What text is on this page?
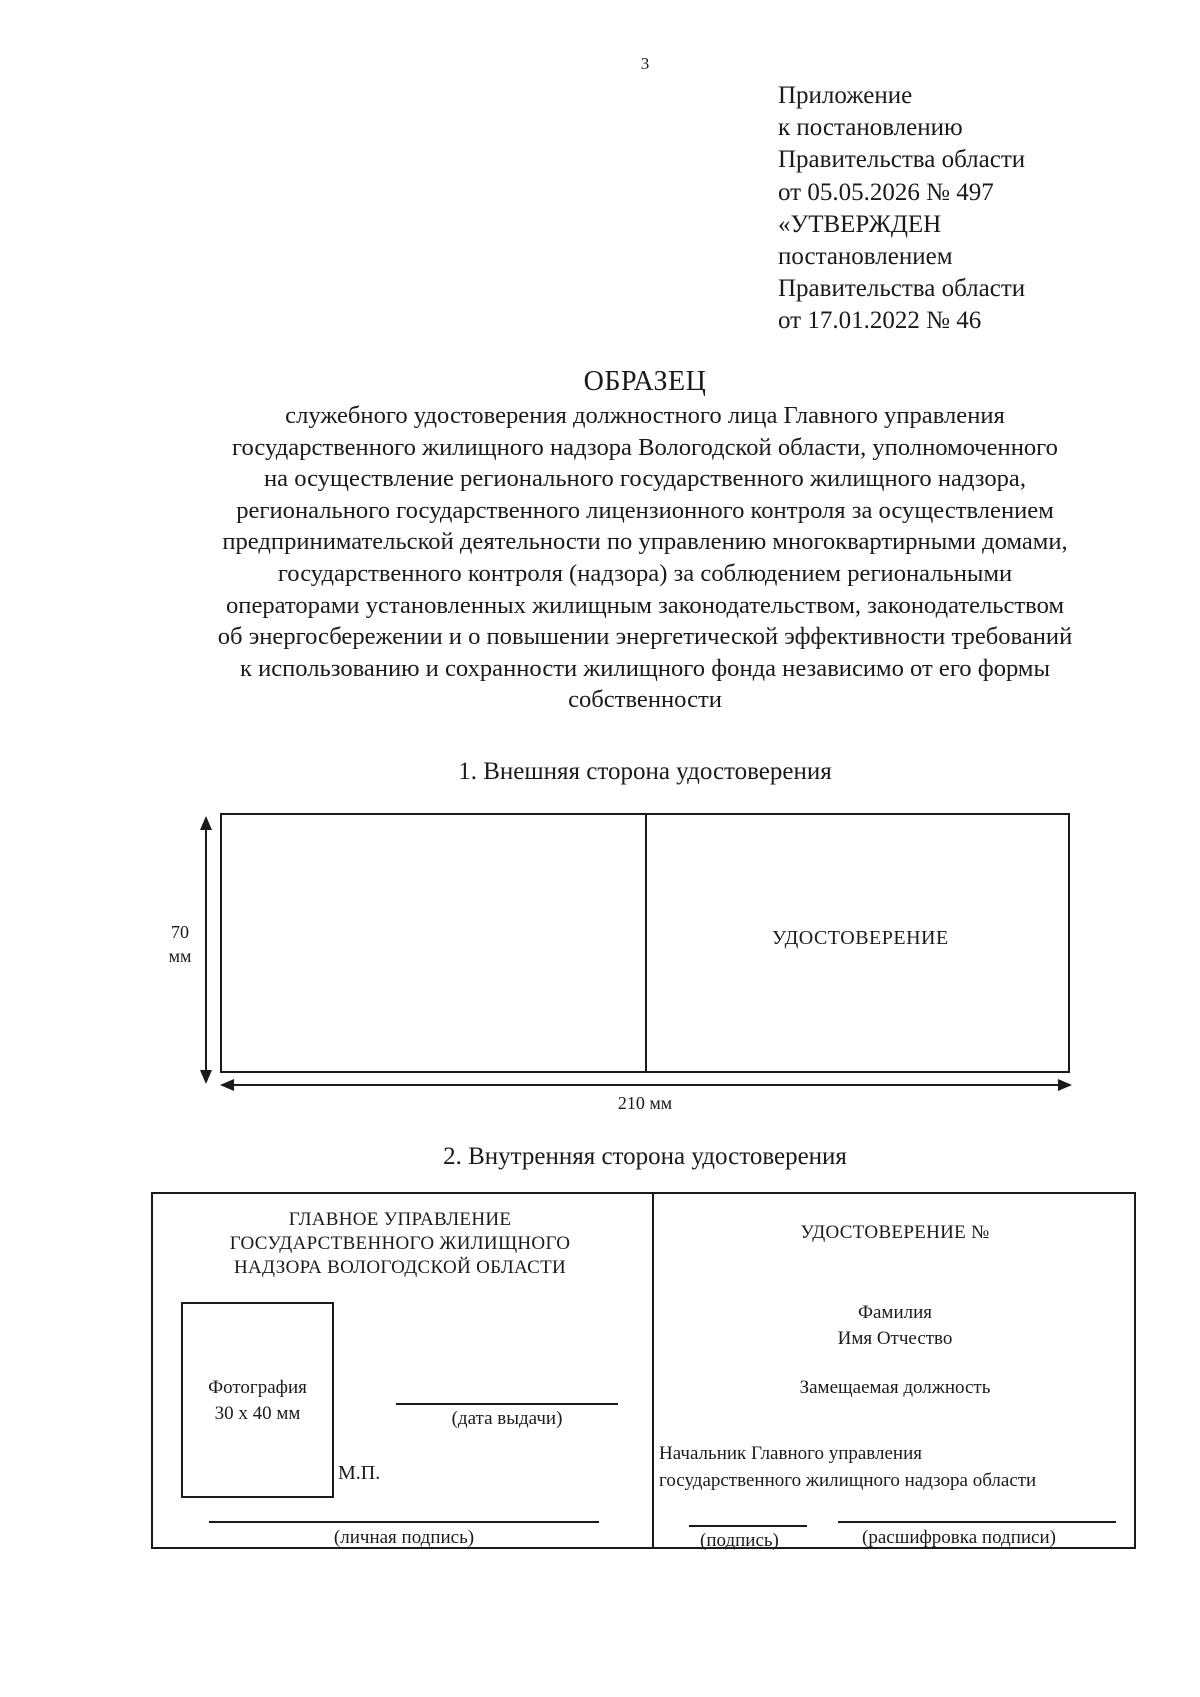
3
Приложение
к постановлению
Правительства области
от 05.05.2026 № 497
«УТВЕРЖДЕН
постановлением
Правительства области
от 17.01.2022 № 46
ОБРАЗЕЦ
служебного удостоверения должностного лица Главного управления
государственного жилищного надзора Вологодской области, уполномоченного
на осуществление регионального государственного жилищного надзора,
регионального государственного лицензионного контроля за осуществлением
предпринимательской деятельности по управлению многоквартирными домами,
государственного контроля (надзора) за соблюдением региональными
операторами установленных жилищным законодательством, законодательством
об энергосбережении и о повышении энергетической эффективности требований
к использованию и сохранности жилищного фонда независимо от его формы
собственности
1. Внешняя сторона удостоверения
70
мм
УДОСТОВЕРЕНИЕ
210 мм
2. Внутренняя сторона удостоверения
ГЛАВНОЕ УПРАВЛЕНИЕ
ГОСУДАРСТВЕННОГО ЖИЛИЩНОГО
НАДЗОРА ВОЛОГОДСКОЙ ОБЛАСТИ
Фотография
30 х 40 мм	(дата выдачи)
М.П.
(личная подпись)
УДОСТОВЕРЕНИЕ №
Фамилия
Имя Отчество
Замещаемая должность
Начальник Главного управления
государственного жилищного надзора области
(подпись)	(расшифровка подписи)
